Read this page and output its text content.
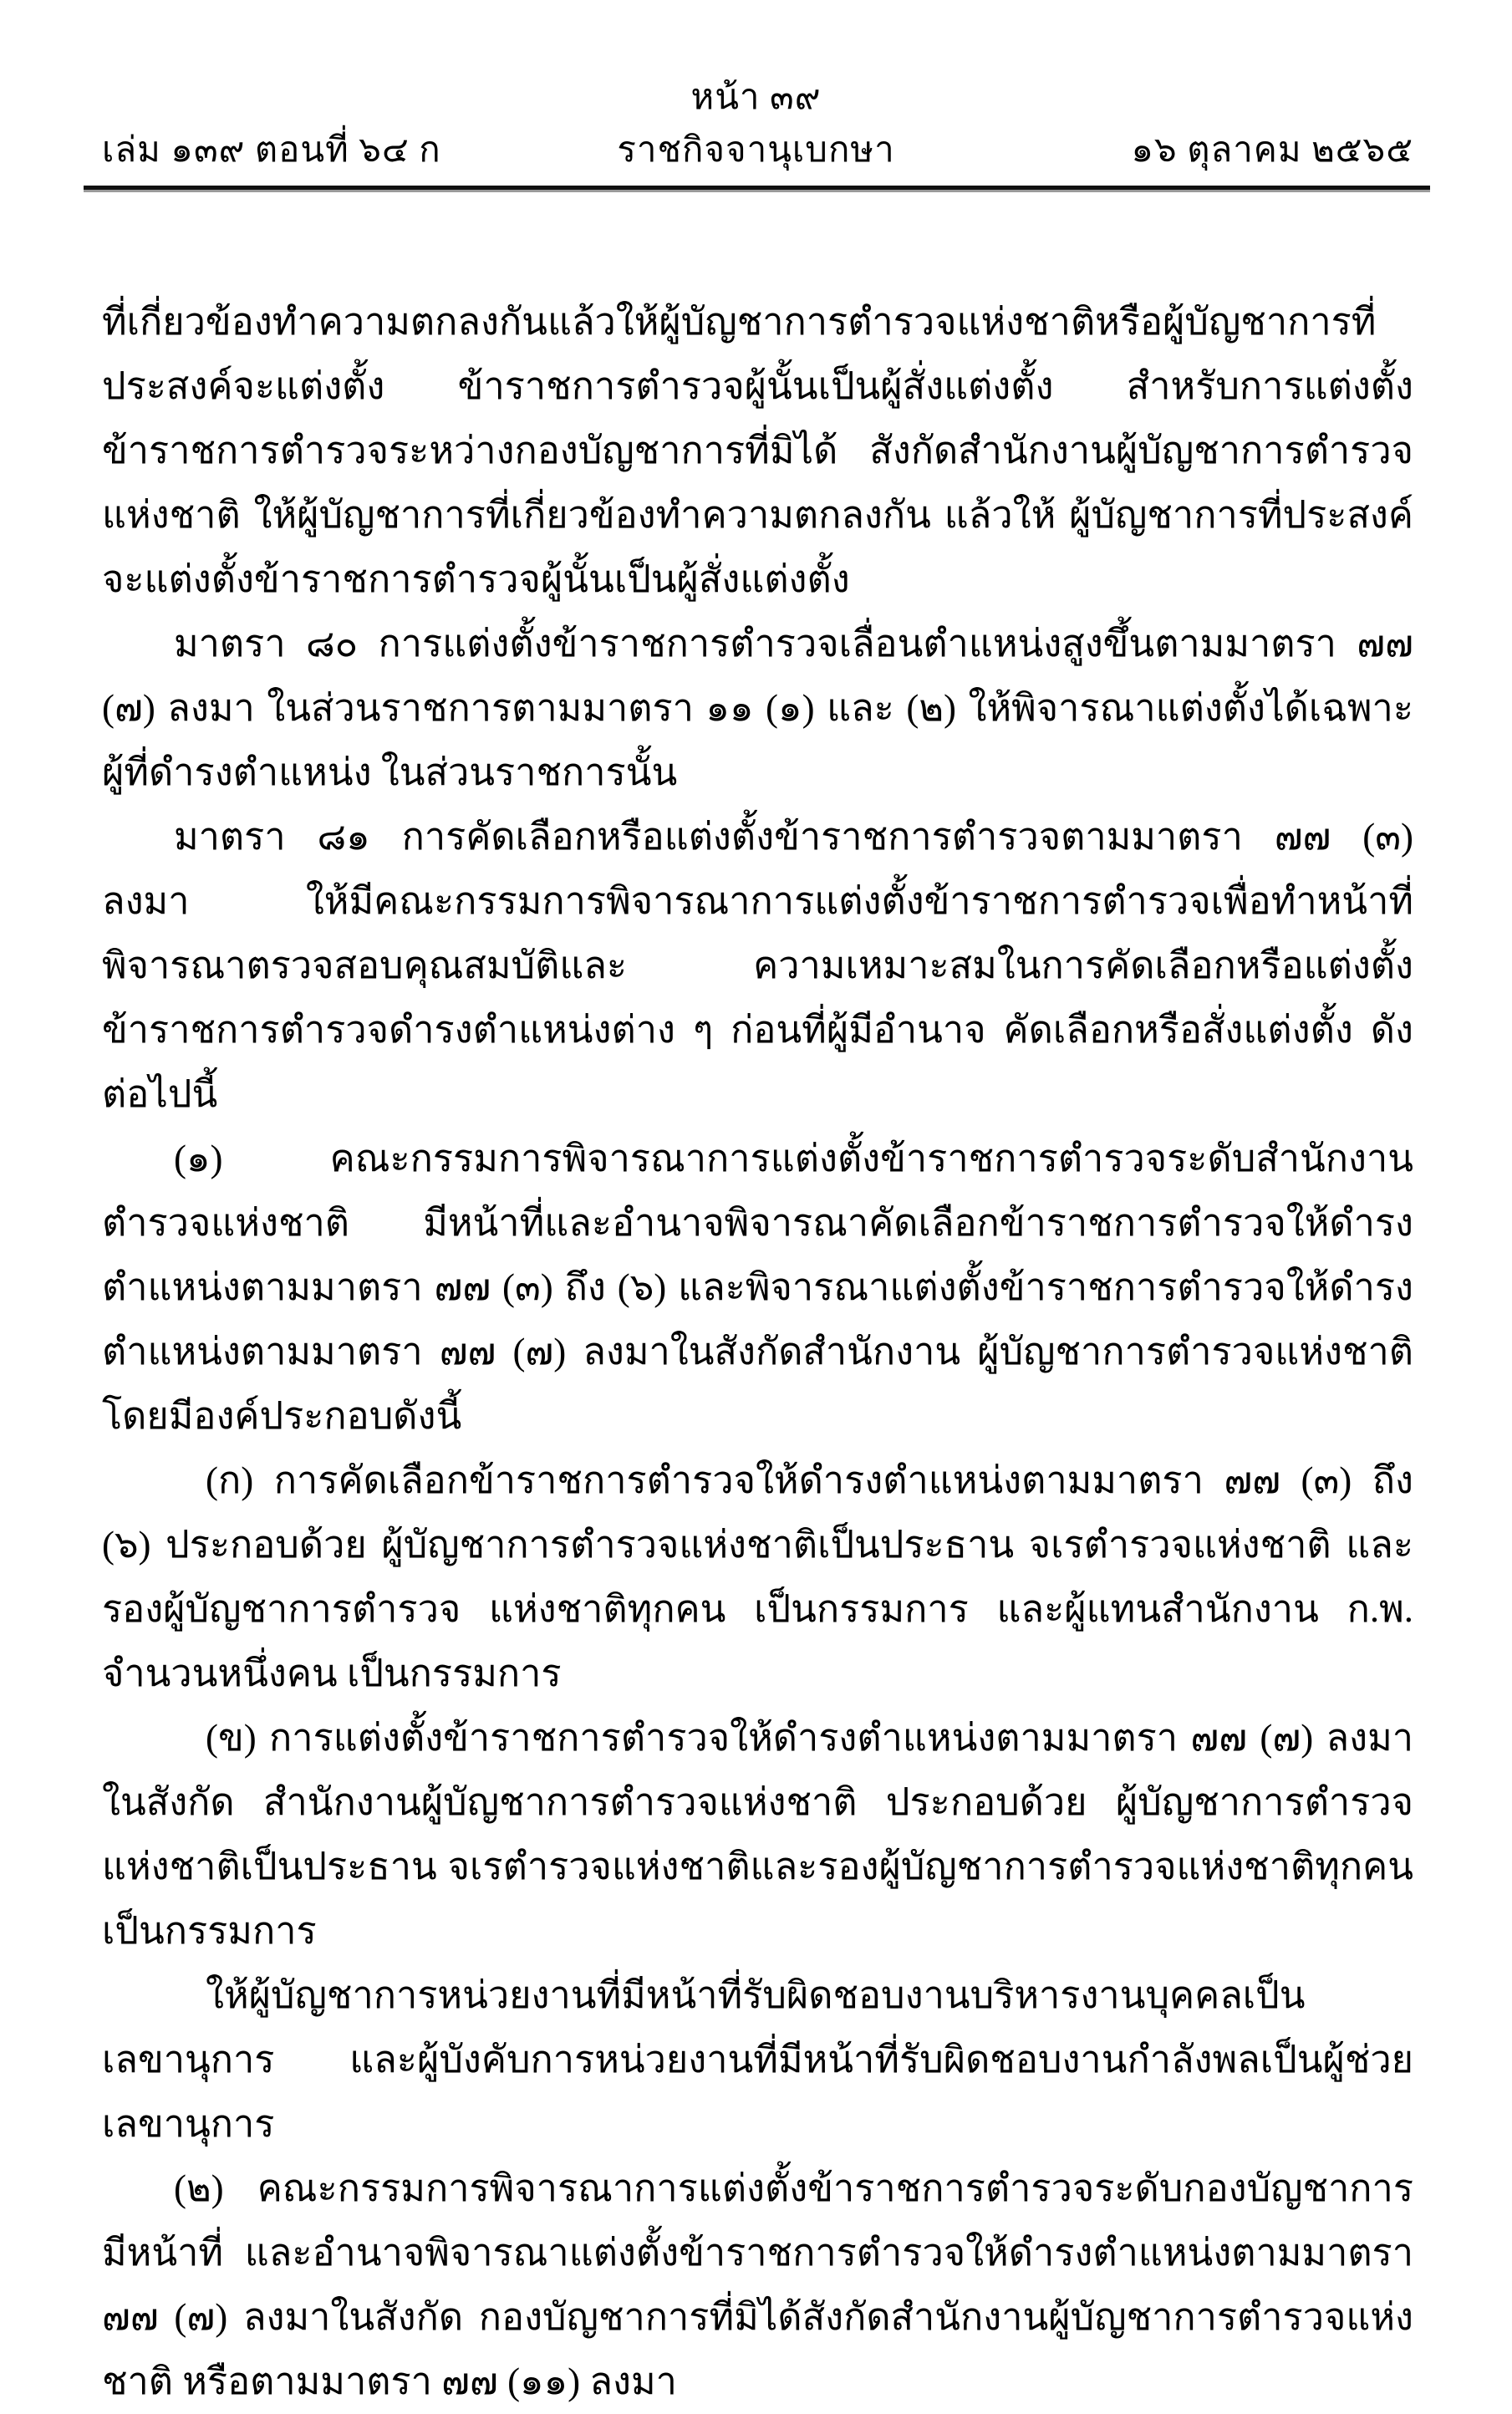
หน้า ๓๙
เล่ม ๑๓๙ ตอนที่ ๖๔ ก	ราชกิจจานุเบกษา	๑๖ ตุลาคม ๒๕๖๕

ที่เกี่ยวข้องทำความตกลงกันแล้วให้ผู้บัญชาการตำรวจแห่งชาติหรือผู้บัญชาการที่ประสงค์จะแต่งตั้ง ข้าราชการตำรวจผู้นั้นเป็นผู้สั่งแต่งตั้ง สำหรับการแต่งตั้งข้าราชการตำรวจระหว่างกองบัญชาการที่มิได้ สังกัดสำนักงานผู้บัญชาการตำรวจแห่งชาติ ให้ผู้บัญชาการที่เกี่ยวข้องทำความตกลงกัน แล้วให้ ผู้บัญชาการที่ประสงค์จะแต่งตั้งข้าราชการตำรวจผู้นั้นเป็นผู้สั่งแต่งตั้ง

มาตรา ๘๐ การแต่งตั้งข้าราชการตำรวจเลื่อนตำแหน่งสูงขึ้นตามมาตรา ๗๗ (๗) ลงมา ในส่วนราชการตามมาตรา ๑๑ (๑) และ (๒) ให้พิจารณาแต่งตั้งได้เฉพาะผู้ที่ดำรงตำแหน่ง ในส่วนราชการนั้น

มาตรา ๘๑ การคัดเลือกหรือแต่งตั้งข้าราชการตำรวจตามมาตรา ๗๗ (๓) ลงมา ให้มีคณะกรรมการพิจารณาการแต่งตั้งข้าราชการตำรวจเพื่อทำหน้าที่พิจารณาตรวจสอบคุณสมบัติและ ความเหมาะสมในการคัดเลือกหรือแต่งตั้งข้าราชการตำรวจดำรงตำแหน่งต่าง ๆ ก่อนที่ผู้มีอำนาจ คัดเลือกหรือสั่งแต่งตั้ง ดังต่อไปนี้

(๑) คณะกรรมการพิจารณาการแต่งตั้งข้าราชการตำรวจระดับสำนักงานตำรวจแห่งชาติ มีหน้าที่และอำนาจพิจารณาคัดเลือกข้าราชการตำรวจให้ดำรงตำแหน่งตามมาตรา ๗๗ (๓) ถึง (๖) และพิจารณาแต่งตั้งข้าราชการตำรวจให้ดำรงตำแหน่งตามมาตรา ๗๗ (๗) ลงมาในสังกัดสำนักงาน ผู้บัญชาการตำรวจแห่งชาติ โดยมีองค์ประกอบดังนี้

(ก) การคัดเลือกข้าราชการตำรวจให้ดำรงตำแหน่งตามมาตรา ๗๗ (๓) ถึง (๖) ประกอบด้วย ผู้บัญชาการตำรวจแห่งชาติเป็นประธาน จเรตำรวจแห่งชาติ และรองผู้บัญชาการตำรวจ แห่งชาติทุกคน เป็นกรรมการ และผู้แทนสำนักงาน ก.พ. จำนวนหนึ่งคน เป็นกรรมการ

(ข) การแต่งตั้งข้าราชการตำรวจให้ดำรงตำแหน่งตามมาตรา ๗๗ (๗) ลงมาในสังกัด สำนักงานผู้บัญชาการตำรวจแห่งชาติ ประกอบด้วย ผู้บัญชาการตำรวจแห่งชาติเป็นประธาน จเรตำรวจแห่งชาติและรองผู้บัญชาการตำรวจแห่งชาติทุกคน เป็นกรรมการ

ให้ผู้บัญชาการหน่วยงานที่มีหน้าที่รับผิดชอบงานบริหารงานบุคคลเป็นเลขานุการ และผู้บังคับการหน่วยงานที่มีหน้าที่รับผิดชอบงานกำลังพลเป็นผู้ช่วยเลขานุการ

(๒) คณะกรรมการพิจารณาการแต่งตั้งข้าราชการตำรวจระดับกองบัญชาการ มีหน้าที่ และอำนาจพิจารณาแต่งตั้งข้าราชการตำรวจให้ดำรงตำแหน่งตามมาตรา ๗๗ (๗) ลงมาในสังกัด กองบัญชาการที่มิได้สังกัดสำนักงานผู้บัญชาการตำรวจแห่งชาติ หรือตามมาตรา ๗๗ (๑๑) ลงมา
